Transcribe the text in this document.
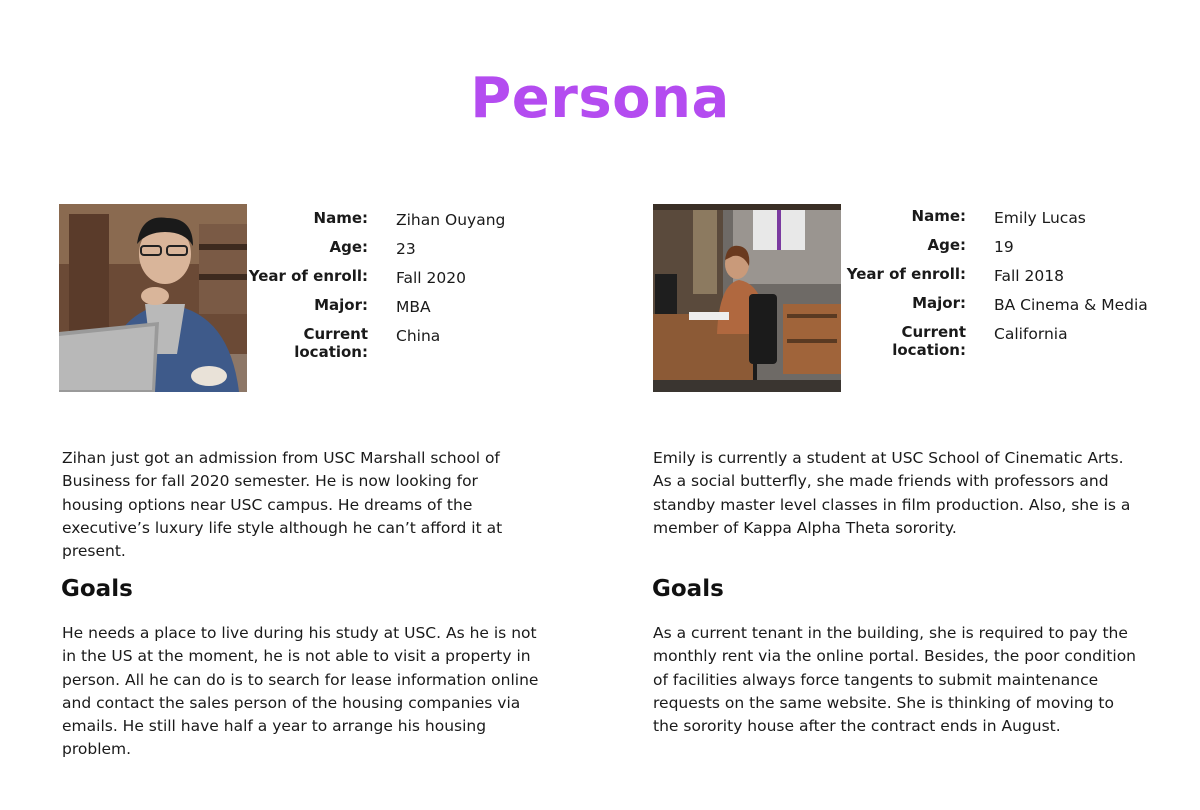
Persona
Name:	Zihan Ouyang
Age:	23
Year of enroll:	Fall 2020
Major:	MBA
Current location:
China
Name:	Emily Lucas
Age:	19
Year of enroll:	Fall 2018
Major:	BA Cinema & Media
Current location:
California

Zihan just got an admission from USC Marshall school of Business for fall 2020 semester. He is now looking for housing options near USC campus. He dreams of the executive’s luxury life style although he can’t afford it at present.

Goals

He needs a place to live during his study at USC. As he is not in the US at the moment, he is not able to visit a property in person. All he can do is to search for lease information online and contact the sales person of the housing companies via emails. He still have half a year to arrange his housing problem.

Emily is currently a student at USC School of Cinematic Arts. As a social butterfly, she made friends with professors and standby master level classes in film production. Also, she is a member of Kappa Alpha Theta sorority.

Goals

As a current tenant in the building, she is required to pay the monthly rent via the online portal. Besides, the poor condition of facilities always force tangents to submit maintenance requests on the same website. She is thinking of moving to the sorority house after the contract ends in August.
